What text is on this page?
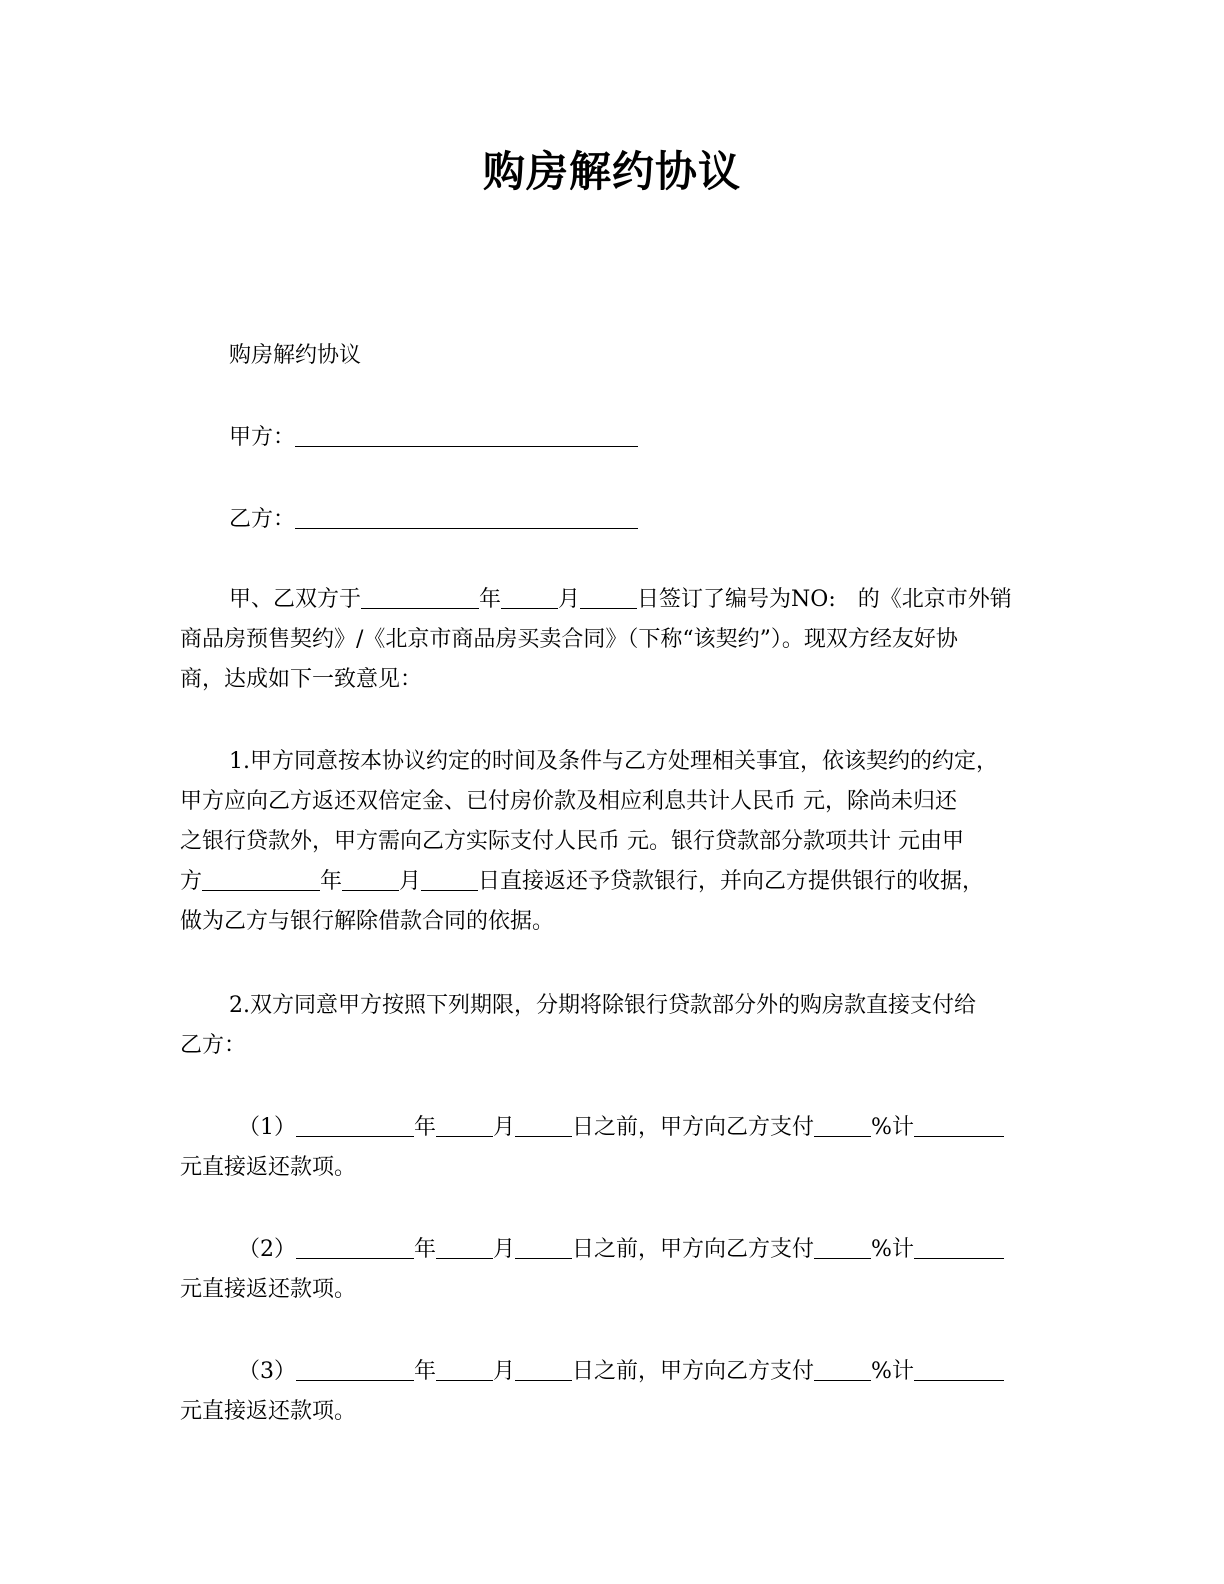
购房解约协议
购房解约协议
甲方：
乙方：
甲、乙双方于	年	月	日签订了编号为NO:　的《北京市外销
商品房预售契约》/《北京市商品房买卖合同》（下称“该契约”）。现双方经友好协
商，达成如下一致意见：
1.甲方同意按本协议约定的时间及条件与乙方处理相关事宜，依该契约的约定，
甲方应向乙方返还双倍定金、已付房价款及相应利息共计人民币 元，除尚未归还
之银行贷款外，甲方需向乙方实际支付人民币 元。银行贷款部分款项共计 元由甲
方	年	月	日直接返还予贷款银行，并向乙方提供银行的收据，
做为乙方与银行解除借款合同的依据。
2.双方同意甲方按照下列期限，分期将除银行贷款部分外的购房款直接支付给
乙方：
（1）	年	月	日之前，甲方向乙方支付	%计
元直接返还款项。
（2）	年	月	日之前，甲方向乙方支付	%计
元直接返还款项。
（3）	年	月	日之前，甲方向乙方支付	%计
元直接返还款项。
